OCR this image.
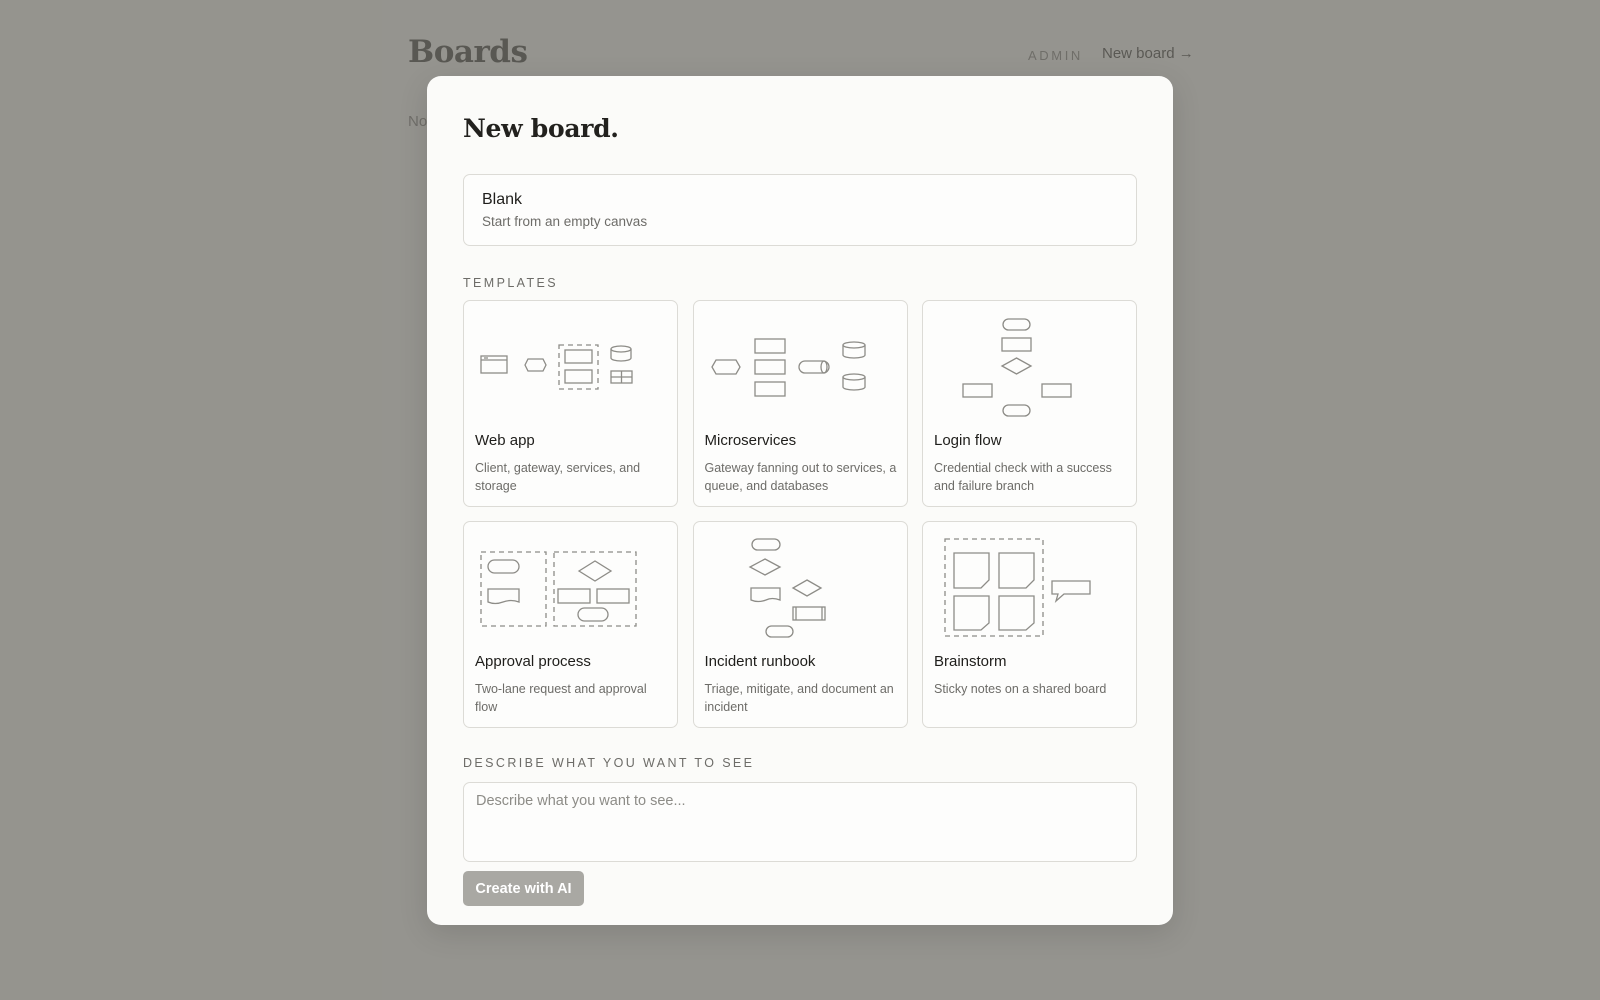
New board.
Blank
Start from an empty canvas
TEMPLATES
Web app
Client, gateway, services, and storage
Microservices
Gateway fanning out to services, a queue, and databases
Login flow
Credential check with a success and failure branch
Approval process
Two-lane request and approval flow
Incident runbook
Triage, mitigate, and document an incident
Brainstorm
Sticky notes on a shared board
DESCRIBE WHAT YOU WANT TO SEE
Describe what you want to see...
Create with AI
